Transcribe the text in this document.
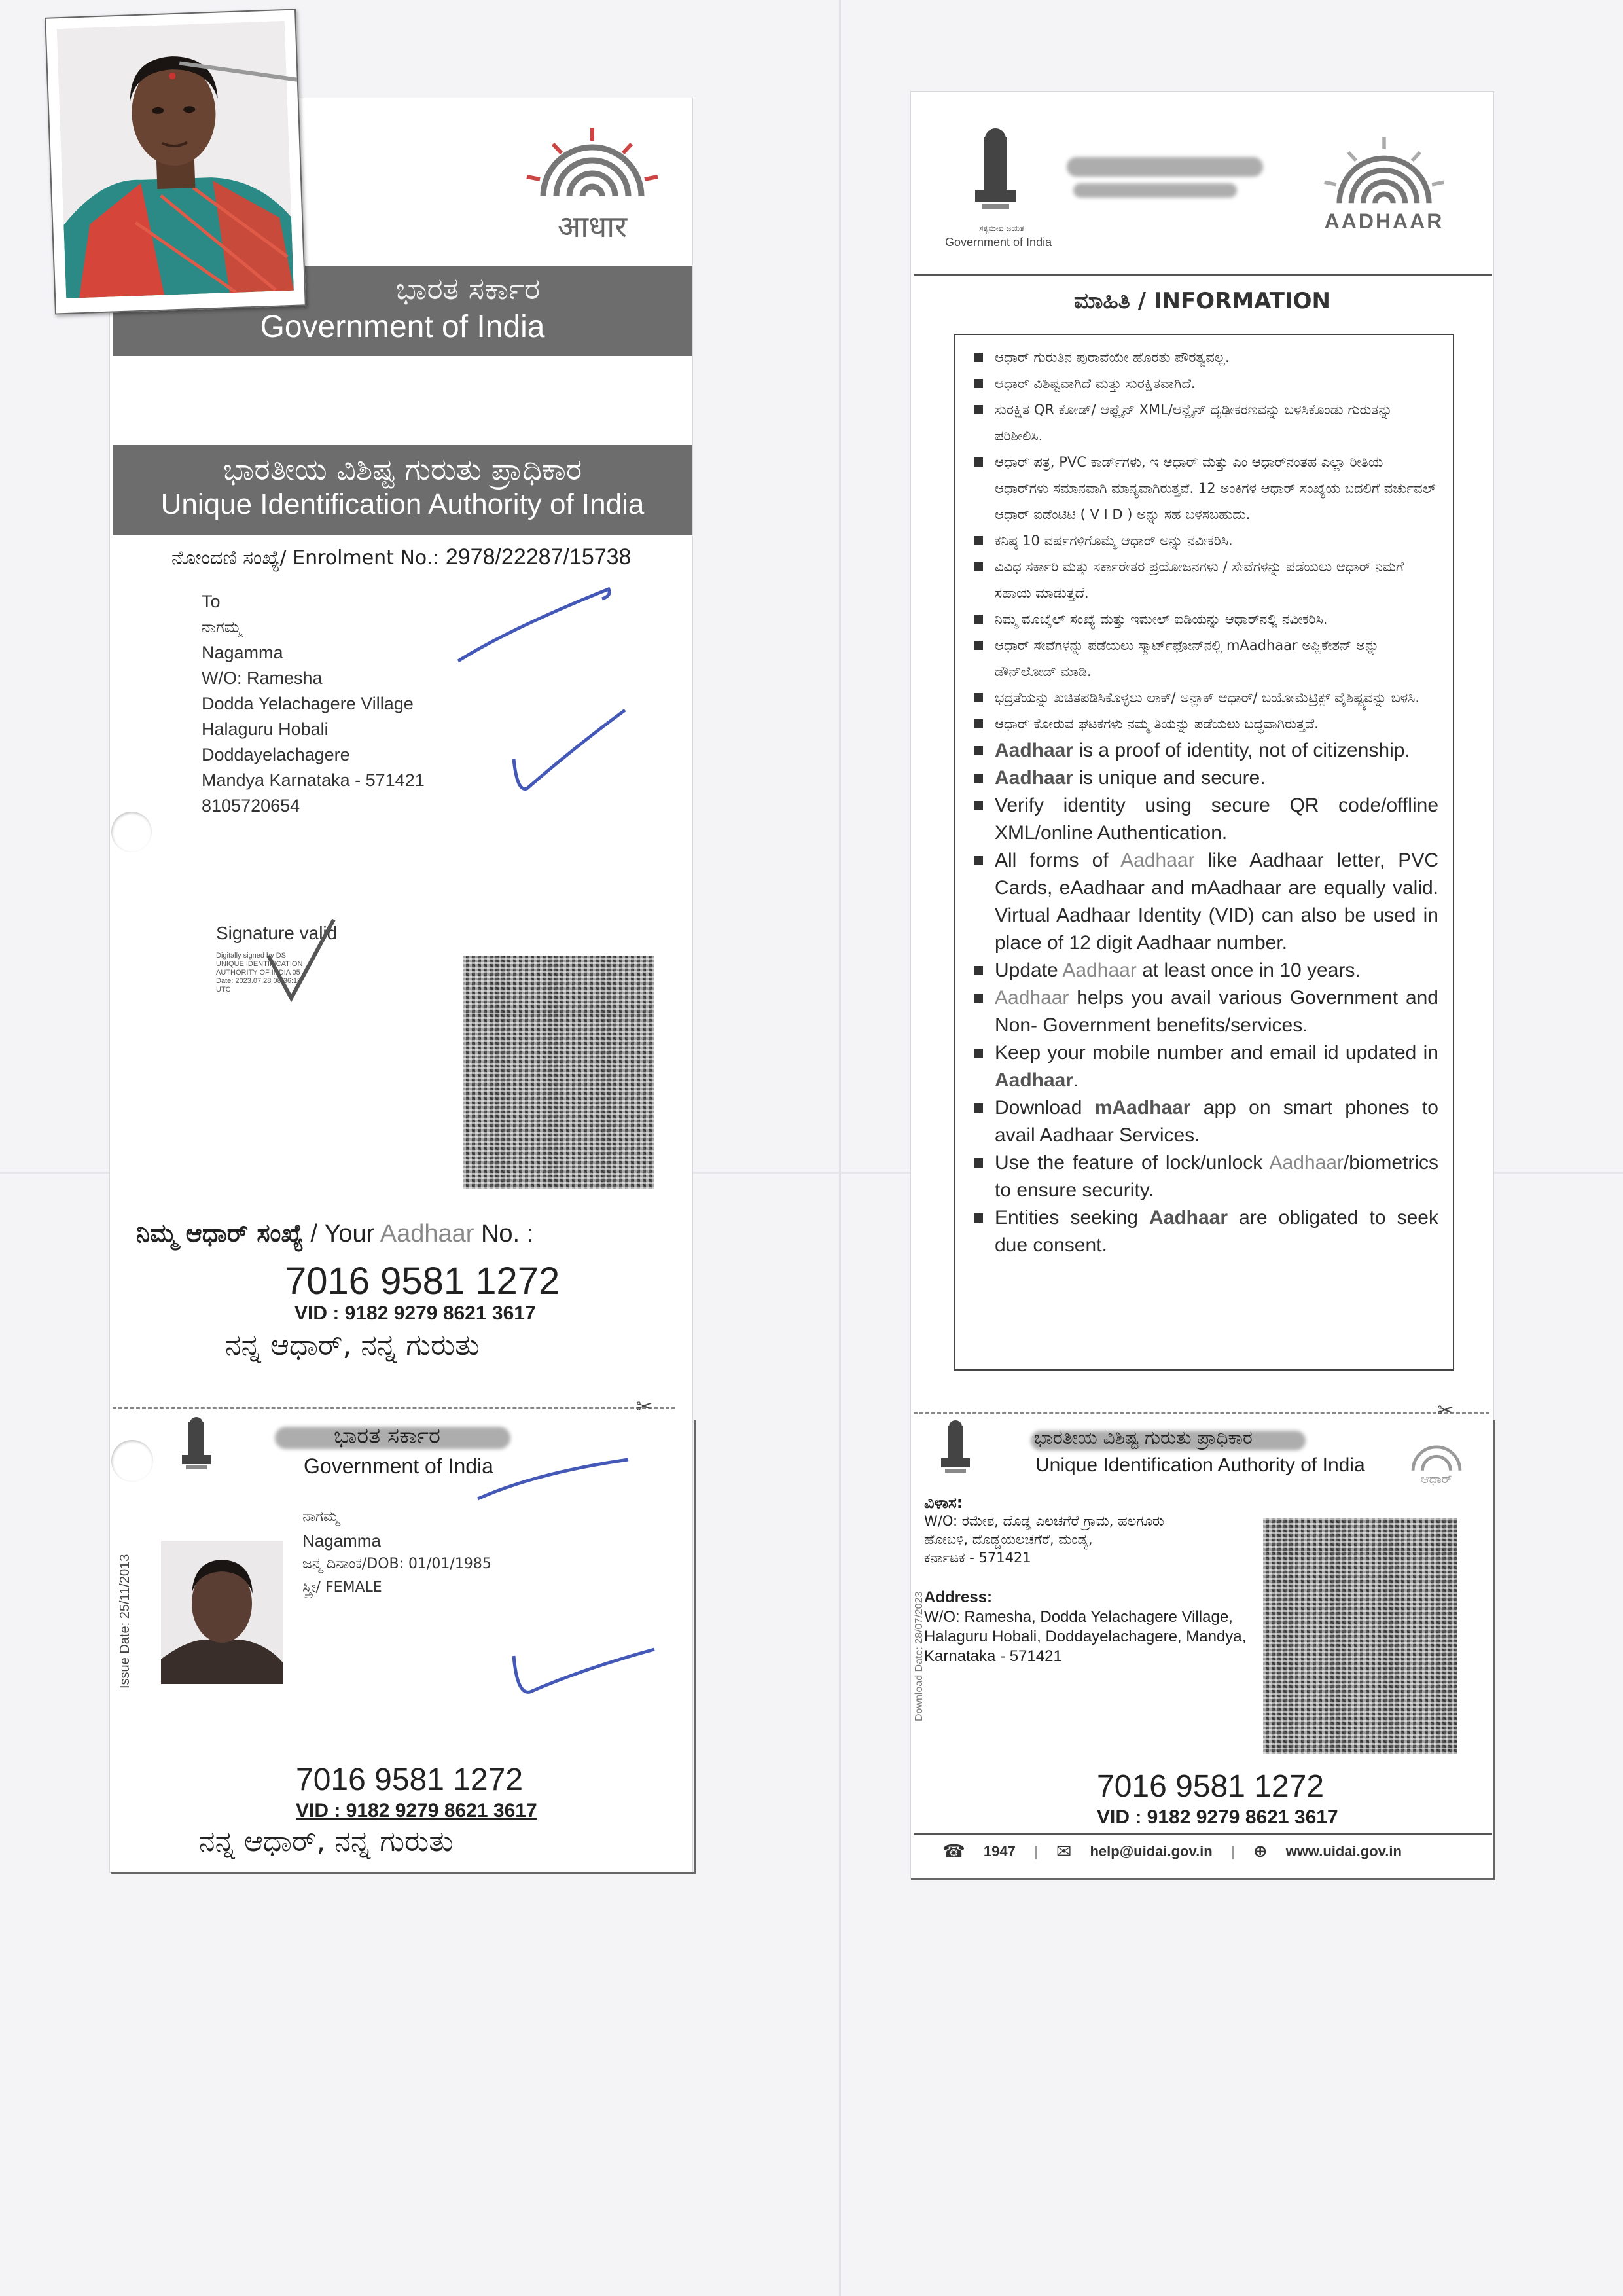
आधार
ಭಾರತ ಸರ್ಕಾರ
Government of India
ಭಾರತೀಯ ವಿಶಿಷ್ಟ ಗುರುತು ಪ್ರಾಧಿಕಾರ
Unique Identification Authority of India
ನೋಂದಣಿ ಸಂಖ್ಯೆ/ Enrolment No.: 2978/22287/15738
To
ನಾಗಮ್ಮ
Nagamma
W/O: Ramesha
Dodda Yelachagere Village
Halaguru Hobali
Doddayelachagere
Mandya Karnataka - 571421
8105720654
Signature valid
Digitally signed by DS
UNIQUE IDENTIFICATION
AUTHORITY OF INDIA 05
Date: 2023.07.28 08:36:18
UTC
ನಿಮ್ಮ ಆಧಾರ್ ಸಂಖ್ಯೆ / Your Aadhaar No. :
7016 9581 1272
VID : 9182 9279 8621 3617
ನನ್ನ ಆಧಾರ್, ನನ್ನ ಗುರುತು
✂
ಭಾರತ ಸರ್ಕಾರ
Government of India
Issue Date: 25/11/2013
ನಾಗಮ್ಮ
Nagamma
ಜನ್ಮ ದಿನಾಂಕ/DOB: 01/01/1985
ಸ್ತ್ರೀ/ FEMALE
7016 9581 1272
VID : 9182 9279 8621 3617
ನನ್ನ ಆಧಾರ್, ನನ್ನ ಗುರುತು
ಸತ್ಯಮೇವ ಜಯತೆ
Government of India
AADHAAR
ಮಾಹಿತಿ / INFORMATION
ಆಧಾರ್ ಗುರುತಿನ ಪುರಾವೆಯೇ ಹೊರತು ಪೌರತ್ವವಲ್ಲ.
ಆಧಾರ್ ವಿಶಿಷ್ಟವಾಗಿದೆ ಮತ್ತು ಸುರಕ್ಷಿತವಾಗಿದೆ.
ಸುರಕ್ಷಿತ QR ಕೋಡ್/ ಆಫ್ಲೈನ್ XML/ಆನ್ಲೈನ್ ದೃಢೀಕರಣವನ್ನು ಬಳಸಿಕೊಂಡು ಗುರುತನ್ನು ಪರಿಶೀಲಿಸಿ.
ಆಧಾರ್ ಪತ್ರ, PVC ಕಾರ್ಡ್‌ಗಳು, ಇ ಆಧಾರ್ ಮತ್ತು ಎಂ ಆಧಾರ್‌ನಂತಹ ಎಲ್ಲಾ ರೀತಿಯ ಆಧಾರ್‌ಗಳು ಸಮಾನವಾಗಿ ಮಾನ್ಯವಾಗಿರುತ್ತವೆ. 12 ಅಂಕಿಗಳ ಆಧಾರ್ ಸಂಖ್ಯೆಯ ಬದಲಿಗೆ ವರ್ಚುವಲ್ ಆಧಾರ್ ಐಡೆಂಟಿಟಿ ( V I D ) ಅನ್ನು ಸಹ ಬಳಸಬಹುದು.
ಕನಿಷ್ಠ 10 ವರ್ಷಗಳಿಗೊಮ್ಮೆ ಆಧಾರ್ ಅನ್ನು ನವೀಕರಿಸಿ.
ವಿವಿಧ ಸರ್ಕಾರಿ ಮತ್ತು ಸರ್ಕಾರೇತರ ಪ್ರಯೋಜನಗಳು / ಸೇವೆಗಳನ್ನು ಪಡೆಯಲು ಆಧಾರ್ ನಿಮಗೆ ಸಹಾಯ ಮಾಡುತ್ತದೆ.
ನಿಮ್ಮ ಮೊಬೈಲ್ ಸಂಖ್ಯೆ ಮತ್ತು ಇಮೇಲ್ ಐಡಿಯನ್ನು ಆಧಾರ್‌ನಲ್ಲಿ ನವೀಕರಿಸಿ.
ಆಧಾರ್ ಸೇವೆಗಳನ್ನು ಪಡೆಯಲು ಸ್ಮಾರ್ಟ್‌ಫೋನ್‌ನಲ್ಲಿ mAadhaar ಅಪ್ಲಿಕೇಶನ್ ಅನ್ನು ಡೌನ್‌ಲೋಡ್ ಮಾಡಿ.
ಭದ್ರತೆಯನ್ನು ಖಚಿತಪಡಿಸಿಕೊಳ್ಳಲು ಲಾಕ್/ ಅನ್ಲಾಕ್ ಆಧಾರ್/ ಬಯೋಮೆಟ್ರಿಕ್ಸ್ ವೈಶಿಷ್ಟ್ಯವನ್ನು ಬಳಸಿ.
ಆಧಾರ್ ಕೋರುವ ಘಟಕಗಳು ನಮ್ಮ ತಿಯನ್ನು ಪಡೆಯಲು ಬದ್ಧವಾಗಿರುತ್ತವೆ.
Aadhaar is a proof of identity, not of citizenship.
Aadhaar is unique and secure.
Verify identity using secure QR code/offline XML/online Authentication.
All forms of Aadhaar like Aadhaar letter, PVC Cards, eAadhaar and mAadhaar are equally valid. Virtual Aadhaar Identity (VID) can also be used in place of 12 digit Aadhaar number.
Update Aadhaar at least once in 10 years.
Aadhaar helps you avail various Government and Non- Government benefits/services.
Keep your mobile number and email id updated in Aadhaar.
Download mAadhaar app on smart phones to avail Aadhaar Services.
Use the feature of lock/unlock Aadhaar/biometrics to ensure security.
Entities seeking Aadhaar are obligated to seek due consent.
✂
ಭಾರತೀಯ ವಿಶಿಷ್ಟ ಗುರುತು ಪ್ರಾಧಿಕಾರ
Unique Identification Authority of India
ಆಧಾರ್
ವಿಳಾಸ:
W/O: ರಮೇಶ, ದೊಡ್ಡ ಎಲಚಗೆರೆ ಗ್ರಾಮ, ಹಲಗೂರು
ಹೋಬಳಿ, ದೊಡ್ಡಯಲಚಗೆರೆ, ಮಂಡ್ಯ,
ಕರ್ನಾಟಕ - 571421
Address:
W/O: Ramesha, Dodda Yelachagere Village,
Halaguru Hobali, Doddayelachagere, Mandya,
Karnataka - 571421
Download Date: 28/07/2023
7016 9581 1272
VID : 9182 9279 8621 3617
☎ 1947 | ✉ help@uidai.gov.in | ⊕ www.uidai.gov.in
